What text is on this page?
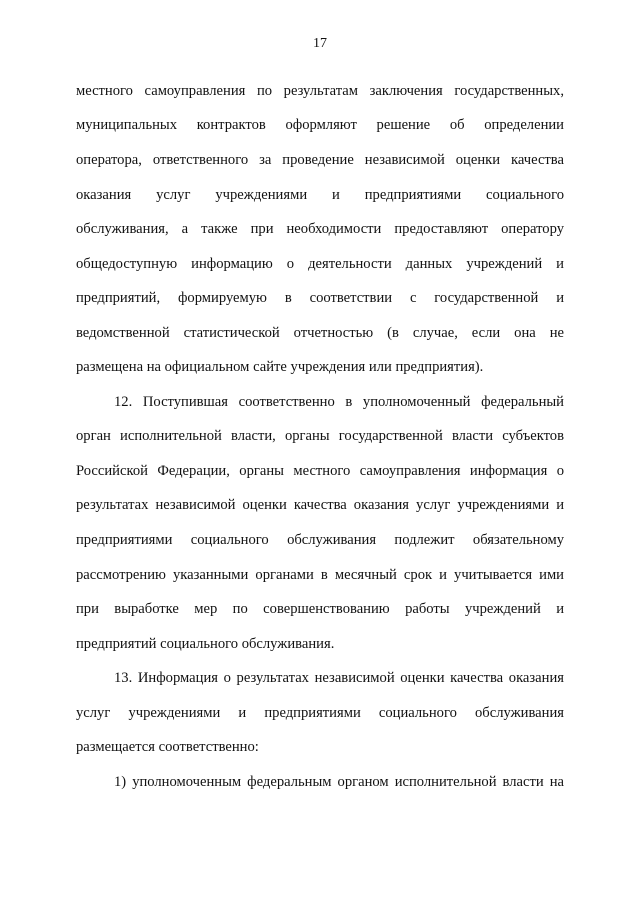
17
местного самоуправления по результатам заключения государственных,
муниципальных контрактов оформляют решение об определении
оператора, ответственного за проведение независимой оценки качества
оказания услуг учреждениями и предприятиями социального
обслуживания, а также при необходимости предоставляют оператору
общедоступную информацию о деятельности данных учреждений и
предприятий, формируемую в соответствии с государственной и
ведомственной статистической отчетностью (в случае, если она не
размещена на официальном сайте учреждения или предприятия).
12. Поступившая соответственно в уполномоченный федеральный
орган исполнительной власти, органы государственной власти субъектов
Российской Федерации, органы местного самоуправления информация о
результатах независимой оценки качества оказания услуг учреждениями и
предприятиями социального обслуживания подлежит обязательному
рассмотрению указанными органами в месячный срок и учитывается ими
при выработке мер по совершенствованию работы учреждений и
предприятий социального обслуживания.
13. Информация о результатах независимой оценки качества оказания
услуг учреждениями и предприятиями социального обслуживания
размещается соответственно:
1) уполномоченным федеральным органом исполнительной власти на
